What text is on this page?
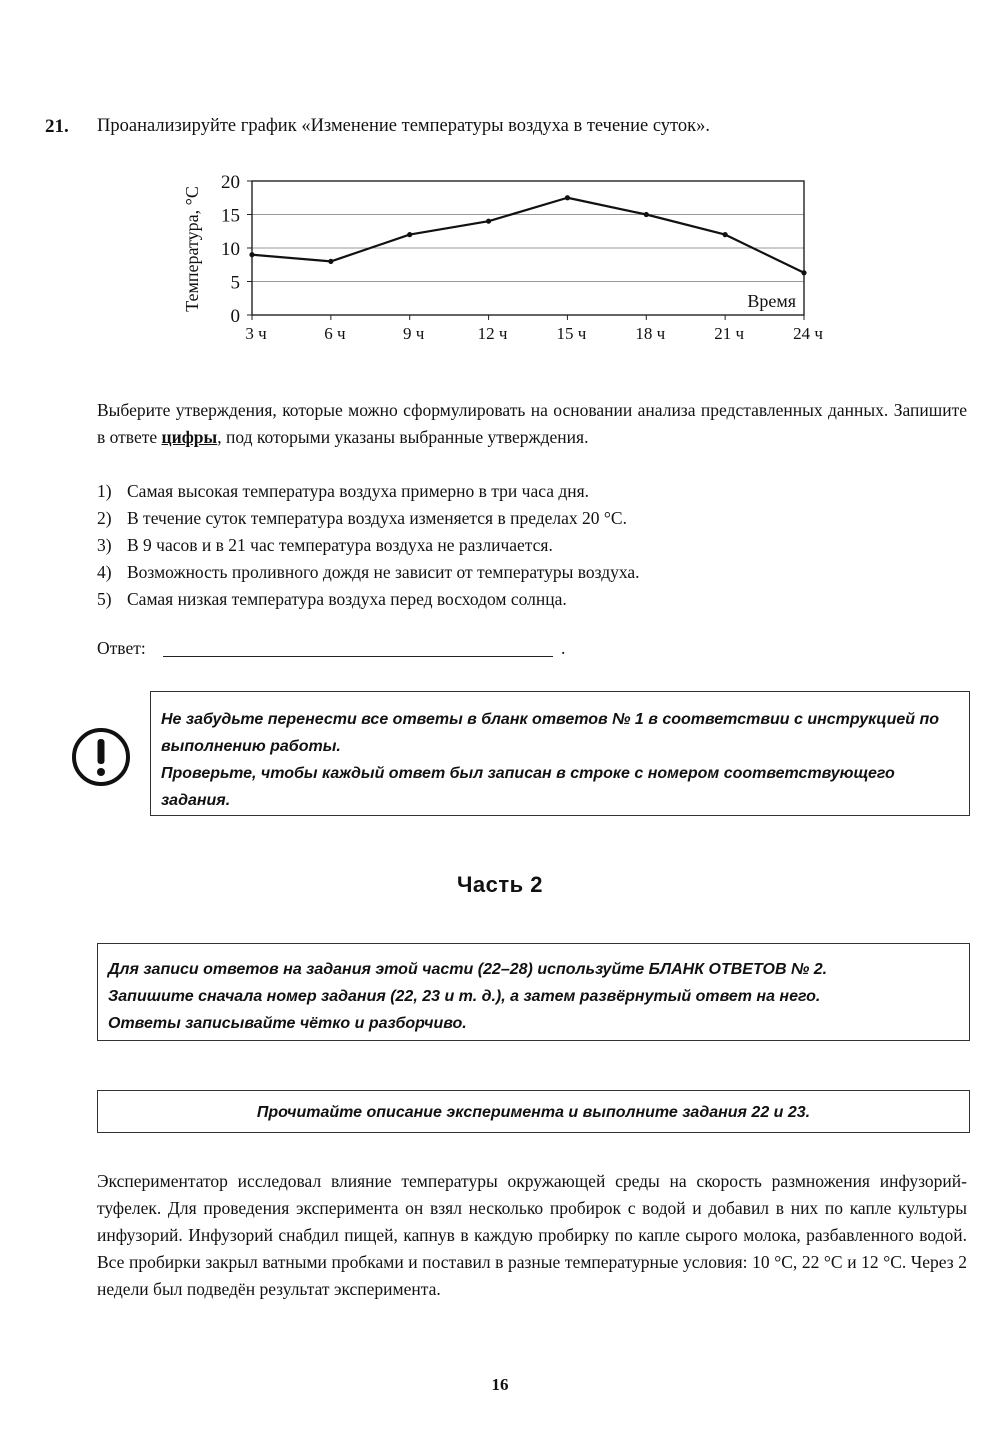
21. Проанализируйте график «Изменение температуры воздуха в течение суток».
0
5
10
15
20
3 ч	6 ч	9 ч	12 ч	15 ч	18 ч	21 ч	24 ч
Время
Температура, °С
Выберите утверждения, которые можно сформулировать на основании анализа представленных данных. Запишите в ответе цифры, под которыми указаны выбранные утверждения.
1) Самая высокая температура воздуха примерно в три часа дня.
2) В течение суток температура воздуха изменяется в пределах 20 °С.
3) В 9 часов и в 21 час температура воздуха не различается.
4) Возможность проливного дождя не зависит от температуры воздуха.
5) Самая низкая температура воздуха перед восходом солнца.
Ответ:	.

Не забудьте перенести все ответы в бланк ответов № 1 в соответствии с инструкцией по выполнению работы.

Проверьте, чтобы каждый ответ был записан в строке с номером соответствующего задания.

Часть 2

Для записи ответов на задания этой части (22–28) используйте БЛАНК ОТВЕТОВ № 2.

Запишите сначала номер задания (22, 23 и т. д.), а затем развёрнутый ответ на него.

Ответы записывайте чётко и разборчиво.

Прочитайте описание эксперимента и выполните задания 22 и 23.
Экспериментатор исследовал влияние температуры окружающей среды на скорость размножения инфузорий-туфелек. Для проведения эксперимента он взял несколько пробирок с водой и добавил в них по капле культуры инфузорий. Инфузорий снабдил пищей, капнув в каждую пробирку по капле сырого молока, разбавленного водой. Все пробирки закрыл ватными пробками и поставил в разные температурные условия: 10 °С, 22 °С и 12 °С. Через 2 недели был подведён результат эксперимента.
16
